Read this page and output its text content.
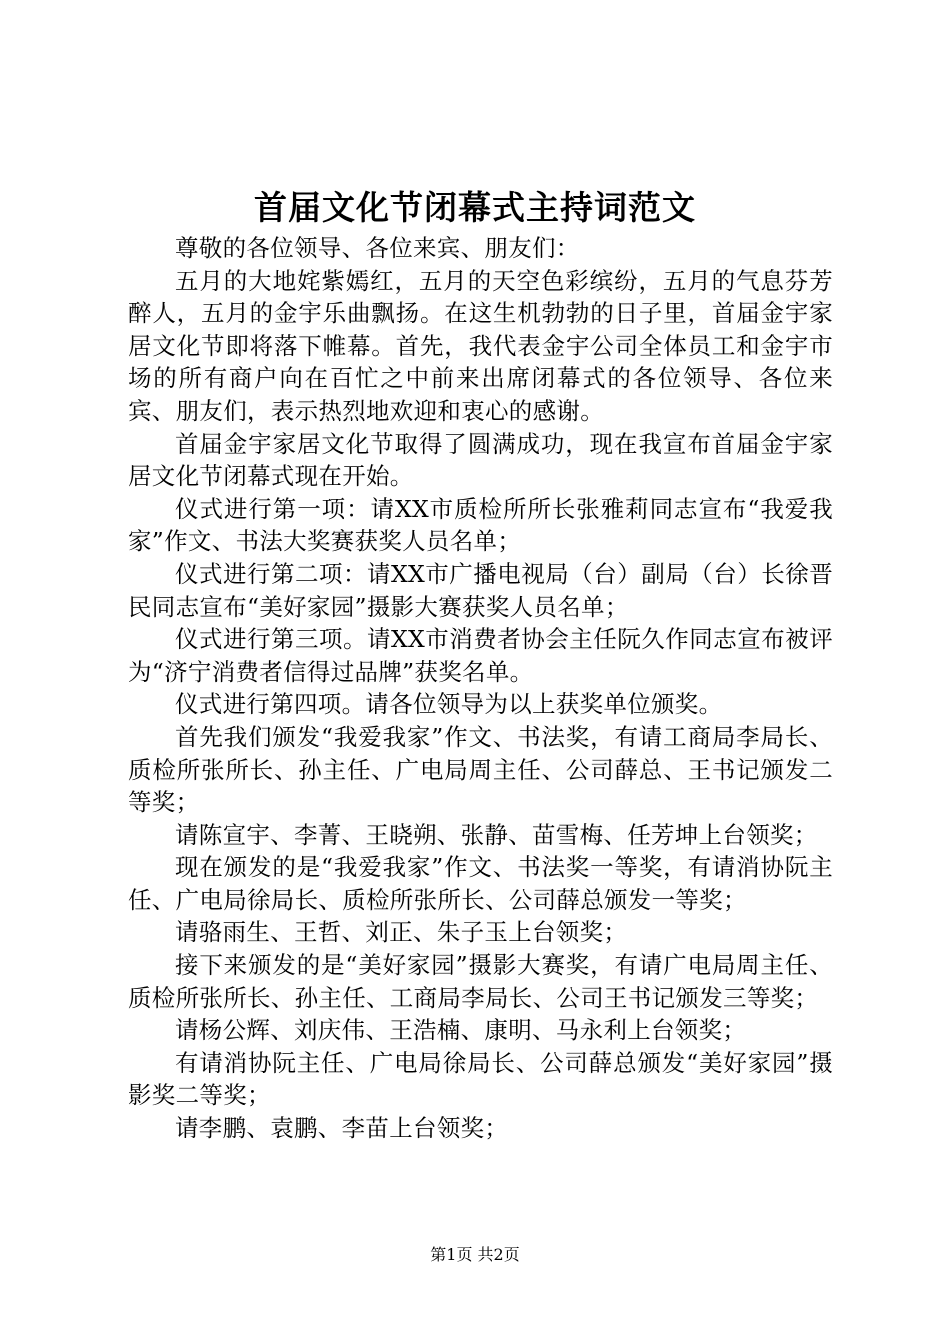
首届文化节闭幕式主持词范文

尊敬的各位领导、各位来宾、朋友们：

五月的大地姹紫嫣红，五月的天空色彩缤纷，五月的气息芬芳醉人，五月的金宇乐曲飘扬。在这生机勃勃的日子里，首届金宇家居文化节即将落下帷幕。首先，我代表金宇公司全体员工和金宇市场的所有商户向在百忙之中前来出席闭幕式的各位领导、各位来宾、朋友们，表示热烈地欢迎和衷心的感谢。

首届金宇家居文化节取得了圆满成功，现在我宣布首届金宇家居文化节闭幕式现在开始。

仪式进行第一项：请XX市质检所所长张雅莉同志宣布“我爱我家”作文、书法大奖赛获奖人员名单；

仪式进行第二项：请XX市广播电视局（台）副局（台）长徐晋民同志宣布“美好家园”摄影大赛获奖人员名单；

仪式进行第三项。请XX市消费者协会主任阮久作同志宣布被评为“济宁消费者信得过品牌”获奖名单。

仪式进行第四项。请各位领导为以上获奖单位颁奖。

首先我们颁发“我爱我家”作文、书法奖，有请工商局李局长、质检所张所长、孙主任、广电局周主任、公司薛总、王书记颁发二等奖；

请陈宣宇、李菁、王晓朔、张静、苗雪梅、任芳坤上台领奖；

现在颁发的是“我爱我家”作文、书法奖一等奖，有请消协阮主任、广电局徐局长、质检所张所长、公司薛总颁发一等奖；

请骆雨生、王哲、刘正、朱子玉上台领奖；

接下来颁发的是“美好家园”摄影大赛奖，有请广电局周主任、质检所张所长、孙主任、工商局李局长、公司王书记颁发三等奖；

请杨公辉、刘庆伟、王浩楠、康明、马永利上台领奖；

有请消协阮主任、广电局徐局长、公司薛总颁发“美好家园”摄影奖二等奖；

请李鹏、袁鹏、李苗上台领奖；

第1页 共2页
